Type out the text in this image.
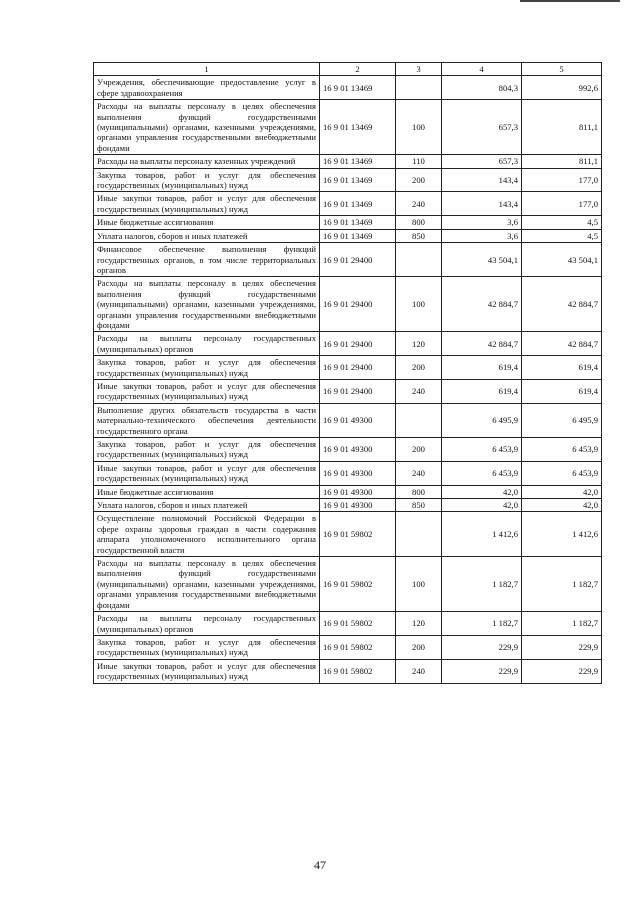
1	2	3	4	5
Учреждения, обеспечивающие предоставление услуг в сфере здравоохранения	16 9 01 13469		804,3	992,6
Расходы на выплаты персоналу в целях обеспечения выполнения функций государственными (муниципальными) органами, казенными учреждениями, органами управления государственными внебюджетными фондами	16 9 01 13469	100	657,3	811,1
Расходы на выплаты персоналу казенных учреждений	16 9 01 13469	110	657,3	811,1
Закупка товаров, работ и услуг для обеспечения государственных (муниципальных) нужд	16 9 01 13469	200	143,4	177,0
Иные закупки товаров, работ и услуг для обеспечения государственных (муниципальных) нужд	16 9 01 13469	240	143,4	177,0
Иные бюджетные ассигнования	16 9 01 13469	800	3,6	4,5
Уплата налогов, сборов и иных платежей	16 9 01 13469	850	3,6	4,5
Финансовое обеспечение выполнения функций государственных органов, в том числе территориальных органов	16 9 01 29400		43 504,1	43 504,1
Расходы на выплаты персоналу в целях обеспечения выполнения функций государственными (муниципальными) органами, казенными учреждениями, органами управления государственными внебюджетными фондами	16 9 01 29400	100	42 884,7	42 884,7
Расходы на выплаты персоналу государственных (муниципальных) органов	16 9 01 29400	120	42 884,7	42 884,7
Закупка товаров, работ и услуг для обеспечения государственных (муниципальных) нужд	16 9 01 29400	200	619,4	619,4
Иные закупки товаров, работ и услуг для обеспечения государственных (муниципальных) нужд	16 9 01 29400	240	619,4	619,4
Выполнение других обязательств государства в части материально-технического обеспечения деятельности государственного органа	16 9 01 49300		6 495,9	6 495,9
Закупка товаров, работ и услуг для обеспечения государственных (муниципальных) нужд	16 9 01 49300	200	6 453,9	6 453,9
Иные закупки товаров, работ и услуг для обеспечения государственных (муниципальных) нужд	16 9 01 49300	240	6 453,9	6 453,9
Иные бюджетные ассигнования	16 9 01 49300	800	42,0	42,0
Уплата налогов, сборов и иных платежей	16 9 01 49300	850	42,0	42,0
Осуществление полномочий Российской Федерации в сфере охраны здоровья граждан в части содержания аппарата уполномоченного исполнительного органа государственной власти	16 9 01 59802		1 412,6	1 412,6
Расходы на выплаты персоналу в целях обеспечения выполнения функций государственными (муниципальными) органами, казенными учреждениями, органами управления государственными внебюджетными фондами	16 9 01 59802	100	1 182,7	1 182,7
Расходы на выплаты персоналу государственных (муниципальных) органов	16 9 01 59802	120	1 182,7	1 182,7
Закупка товаров, работ и услуг для обеспечения государственных (муниципальных) нужд	16 9 01 59802	200	229,9	229,9
Иные закупки товаров, работ и услуг для обеспечения государственных (муниципальных) нужд	16 9 01 59802	240	229,9	229,9
47
